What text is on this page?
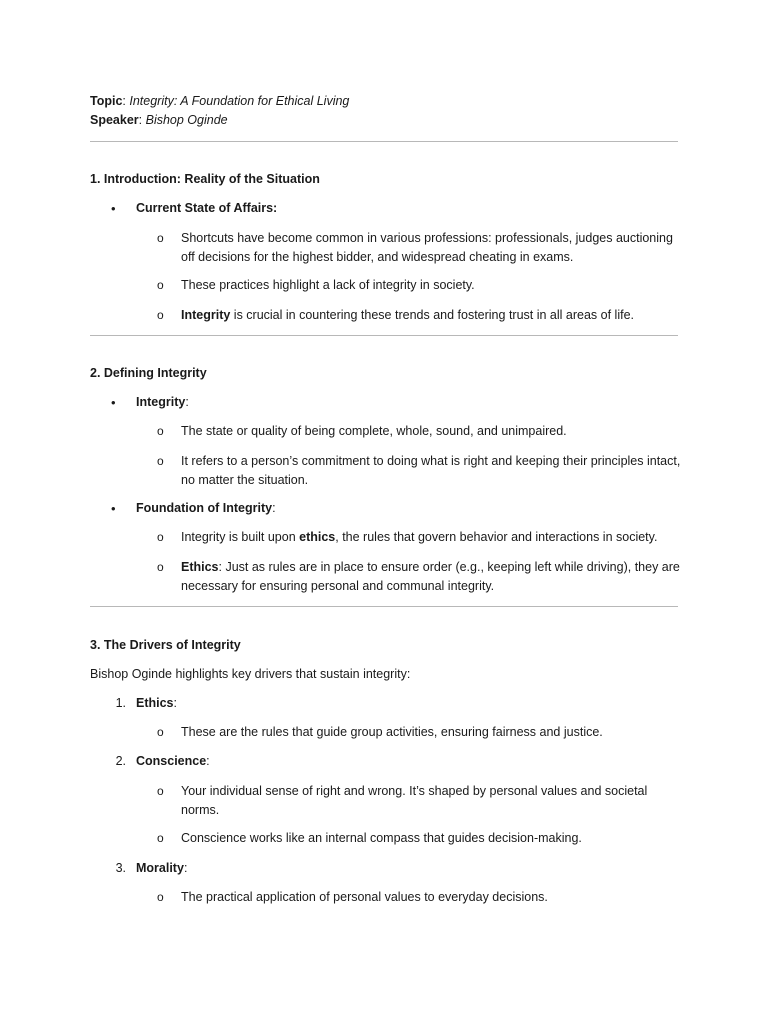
Topic: Integrity: A Foundation for Ethical Living
Speaker: Bishop Oginde
1. Introduction: Reality of the Situation
• Current State of Affairs:
o Shortcuts have become common in various professions: professionals, judges auctioning off decisions for the highest bidder, and widespread cheating in exams.
o These practices highlight a lack of integrity in society.
o Integrity is crucial in countering these trends and fostering trust in all areas of life.
2. Defining Integrity
• Integrity:
o The state or quality of being complete, whole, sound, and unimpaired.
o It refers to a person’s commitment to doing what is right and keeping their principles intact, no matter the situation.
• Foundation of Integrity:
o Integrity is built upon ethics, the rules that govern behavior and interactions in society.
o Ethics: Just as rules are in place to ensure order (e.g., keeping left while driving), they are necessary for ensuring personal and communal integrity.
3. The Drivers of Integrity
Bishop Oginde highlights key drivers that sustain integrity:
1. Ethics:
o These are the rules that guide group activities, ensuring fairness and justice.
2. Conscience:
o Your individual sense of right and wrong. It’s shaped by personal values and societal norms.
o Conscience works like an internal compass that guides decision-making.
3. Morality:
o The practical application of personal values to everyday decisions.
